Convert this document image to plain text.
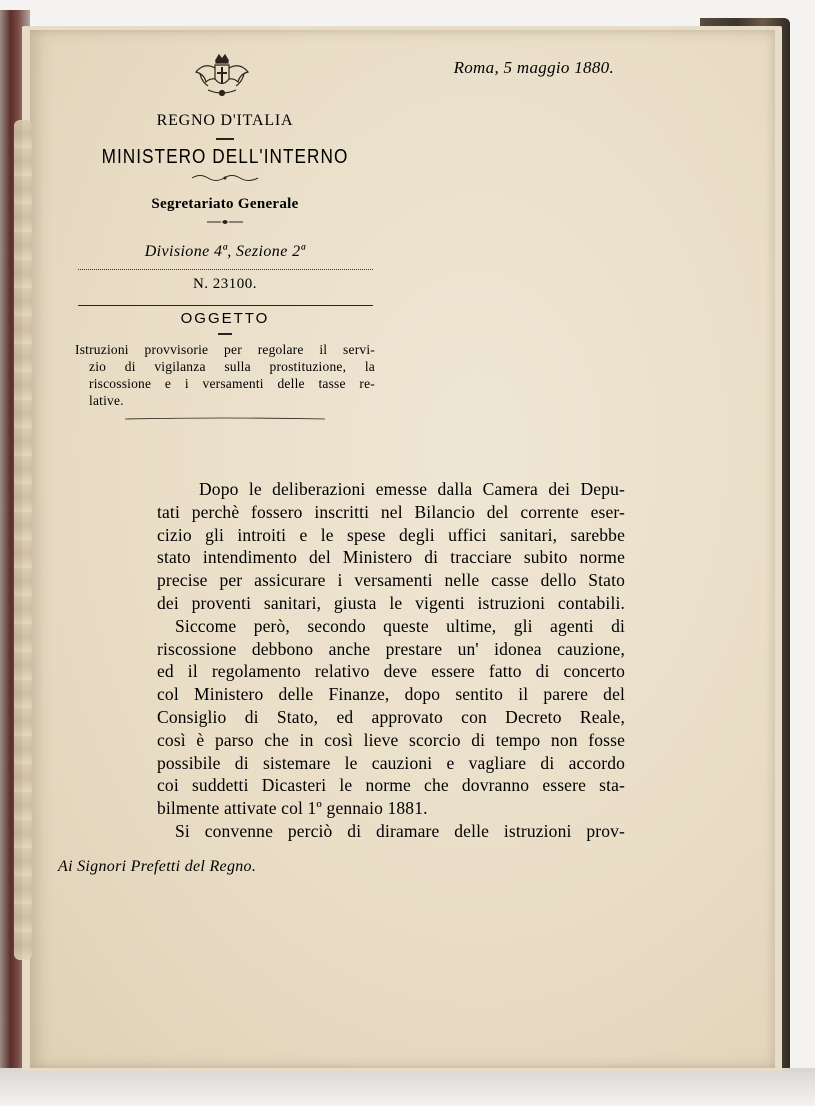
Roma, 5 maggio 1880.
REGNO D'ITALIA
MINISTERO DELL'INTERNO
Segretariato Generale
Divisione 4ª, Sezione 2ª
N. 23100.
OGGETTO
Istruzioni provvisorie per regolare il servi-
zio di vigilanza sulla prostituzione, la
riscossione e i versamenti delle tasse re-
lative.
Dopo le deliberazioni emesse dalla Camera dei Depu-
tati perchè fossero inscritti nel Bilancio del corrente eser-
cizio gli introiti e le spese degli uffici sanitari, sarebbe
stato intendimento del Ministero di tracciare subito norme
precise per assicurare i versamenti nelle casse dello Stato
dei proventi sanitari, giusta le vigenti istruzioni contabili.
Siccome però, secondo queste ultime, gli agenti di
riscossione debbono anche prestare un' idonea cauzione,
ed il regolamento relativo deve essere fatto di concerto
col Ministero delle Finanze, dopo sentito il parere del
Consiglio di Stato, ed approvato con Decreto Reale,
così è parso che in così lieve scorcio di tempo non fosse
possibile di sistemare le cauzioni e vagliare di accordo
coi suddetti Dicasteri le norme che dovranno essere sta-
bilmente attivate col 1º gennaio 1881.
Si convenne perciò di diramare delle istruzioni prov-
Ai Signori Prefetti del Regno.
